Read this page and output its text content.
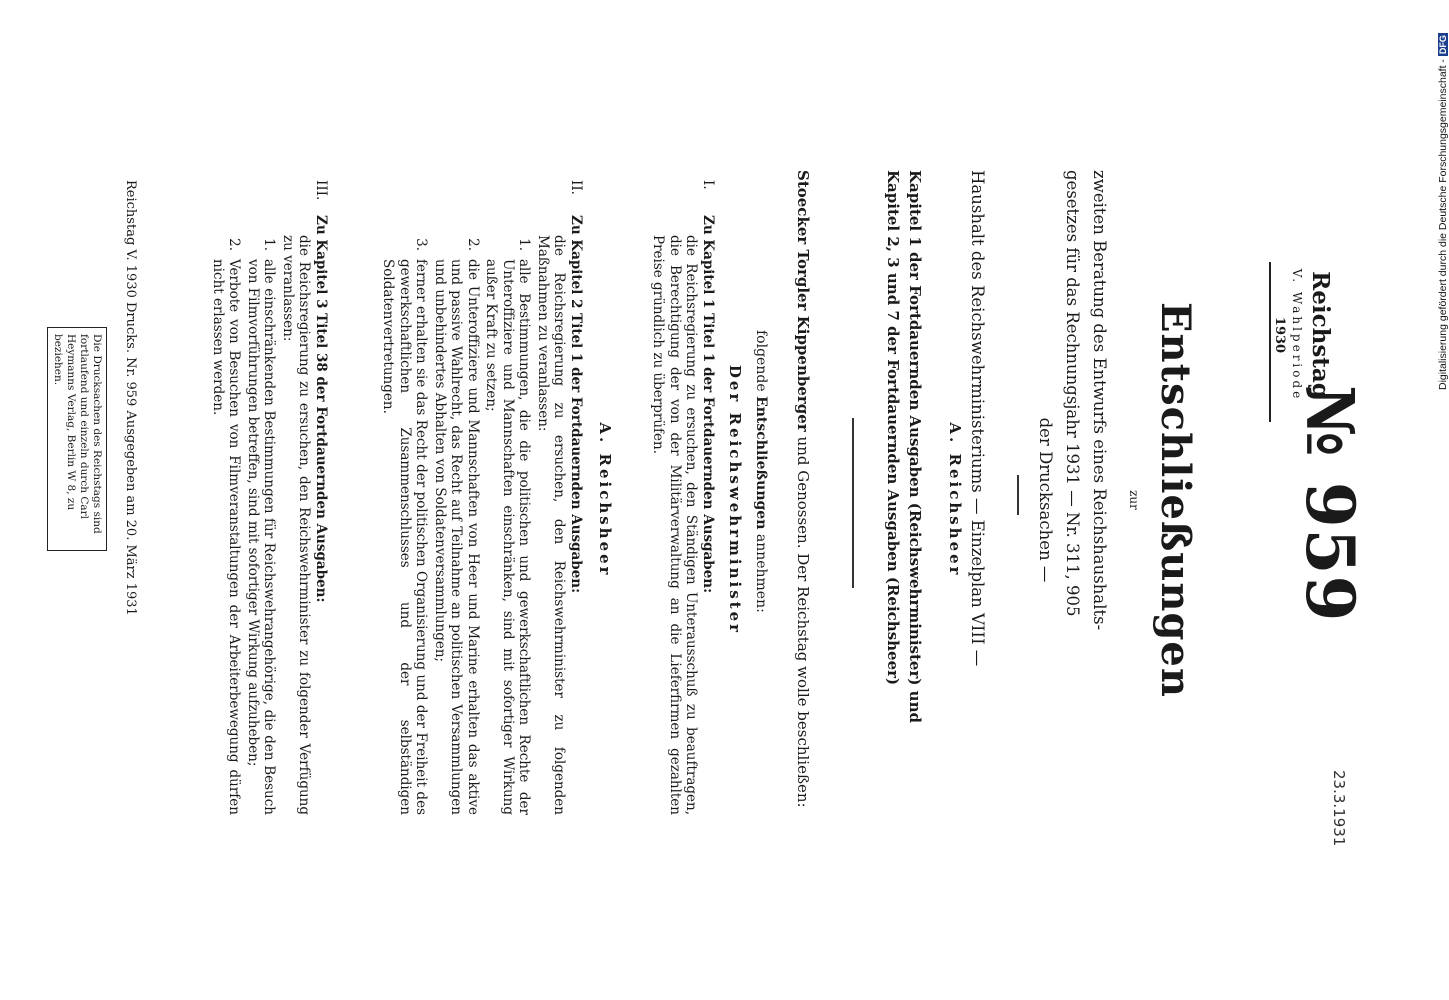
№ 959
23.3.1931
Reichstag
V. Wahlperiode
1930
Entschließungen
zur
zweiten Beratung des Entwurfs eines Reichshaushalts-
gesetzes für das Rechnungsjahr 1931 — Nr. 311, 905
der Drucksachen —
Haushalt des Reichswehrministeriums — Einzelplan VIII —
A. Reichsheer
Kapitel 1 der Fortdauernden Ausgaben (Reichswehrminister) und
Kapitel 2, 3 und 7 der Fortdauernden Ausgaben (Reichsheer)
Stoecker Torgler Kippenberger und Genossen. Der Reichstag wolle beschließen:
folgende Entschließungen annehmen:
Der Reichswehrminister
I.
Zu Kapitel 1 Titel 1 der Fortdauernden Ausgaben:
die Reichsregierung zu ersuchen, den Ständigen Unterausschuß zu beauftragen, die Berechtigung der von der Militärverwaltung an die Lieferfirmen gezahlten Preise gründlich zu überprüfen.
A. Reichsheer
II.
Zu Kapitel 2 Titel 1 der Fortdauernden Ausgaben:
die Reichsregierung zu ersuchen, den Reichswehrminister zu folgenden Maßnahmen zu veranlassen:
1.
alle Bestimmungen, die die politischen und gewerkschaftlichen Rechte der Unteroffiziere und Mannschaften einschränken, sind mit sofortiger Wirkung außer Kraft zu setzen;
2.
die Unteroffiziere und Mannschaften von Heer und Marine erhalten das aktive und passive Wahlrecht, das Recht auf Teilnahme an politischen Versammlungen und unbehindertes Abhalten von Soldatenversammlungen;
3.
ferner erhalten sie das Recht der politischen Organisierung und der Freiheit des gewerkschaftlichen Zusammenschlusses und der selbständigen Soldatenvertretungen.
III.
Zu Kapitel 3 Titel 38 der Fortdauernden Ausgaben:
die Reichsregierung zu ersuchen, den Reichswehrminister zu folgender Verfügung zu veranlassen:
1.
alle einschränkenden Bestimmungen für Reichswehrangehörige, die den Besuch von Filmvorführungen betreffen, sind mit sofortiger Wirkung aufzuheben;
2.
Verbote von Besuchen von Filmveranstaltungen der Arbeiterbewegung dürfen nicht erlassen werden.
Reichstag V. 1930 Drucks. Nr. 959 Ausgegeben am 20. März 1931
Die Drucksachen des Reichstags sind fortlaufend und einzeln durch Carl Heymanns Verlag, Berlin W 8, zu beziehen.	Digitalisierung gefördert durch die Deutsche Forschungsgemeinschaft -DFG
